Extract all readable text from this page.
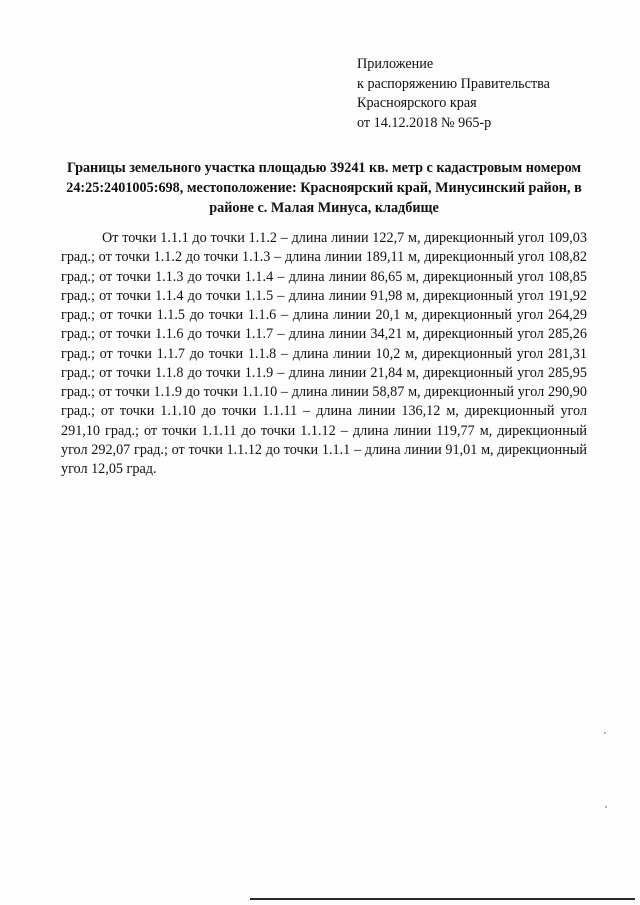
Приложение
к распоряжению Правительства
Красноярского края
от 14.12.2018 № 965-р
Границы земельного участка площадью 39241 кв. метр с кадастровым номером 24:25:2401005:698, местоположение: Красноярский край, Минусинский район, в районе с. Малая Минуса, кладбище
От точки 1.1.1 до точки 1.1.2 – длина линии 122,7 м, дирекционный угол 109,03 град.; от точки 1.1.2 до точки 1.1.3 – длина линии 189,11 м, дирекционный угол 108,82 град.; от точки 1.1.3 до точки 1.1.4 – длина линии 86,65 м, дирекционный угол 108,85 град.; от точки 1.1.4 до точки 1.1.5 – длина линии 91,98 м, дирекционный угол 191,92 град.; от точки 1.1.5 до точки 1.1.6 – длина линии 20,1 м, дирекционный угол 264,29 град.; от точки 1.1.6 до точки 1.1.7 – длина линии 34,21 м, дирекционный угол 285,26 град.; от точки 1.1.7 до точки 1.1.8 – длина линии 10,2 м, дирекционный угол 281,31 град.; от точки 1.1.8 до точки 1.1.9 – длина линии 21,84 м, дирекционный угол 285,95 град.; от точки 1.1.9 до точки 1.1.10 – длина линии 58,87 м, дирекционный угол 290,90 град.; от точки 1.1.10 до точки 1.1.11 – длина линии 136,12 м, дирекционный угол 291,10 град.; от точки 1.1.11 до точки 1.1.12 – длина линии 119,77 м, дирекционный угол 292,07 град.; от точки 1.1.12 до точки 1.1.1 – длина линии 91,01 м, дирекционный угол 12,05 град.
